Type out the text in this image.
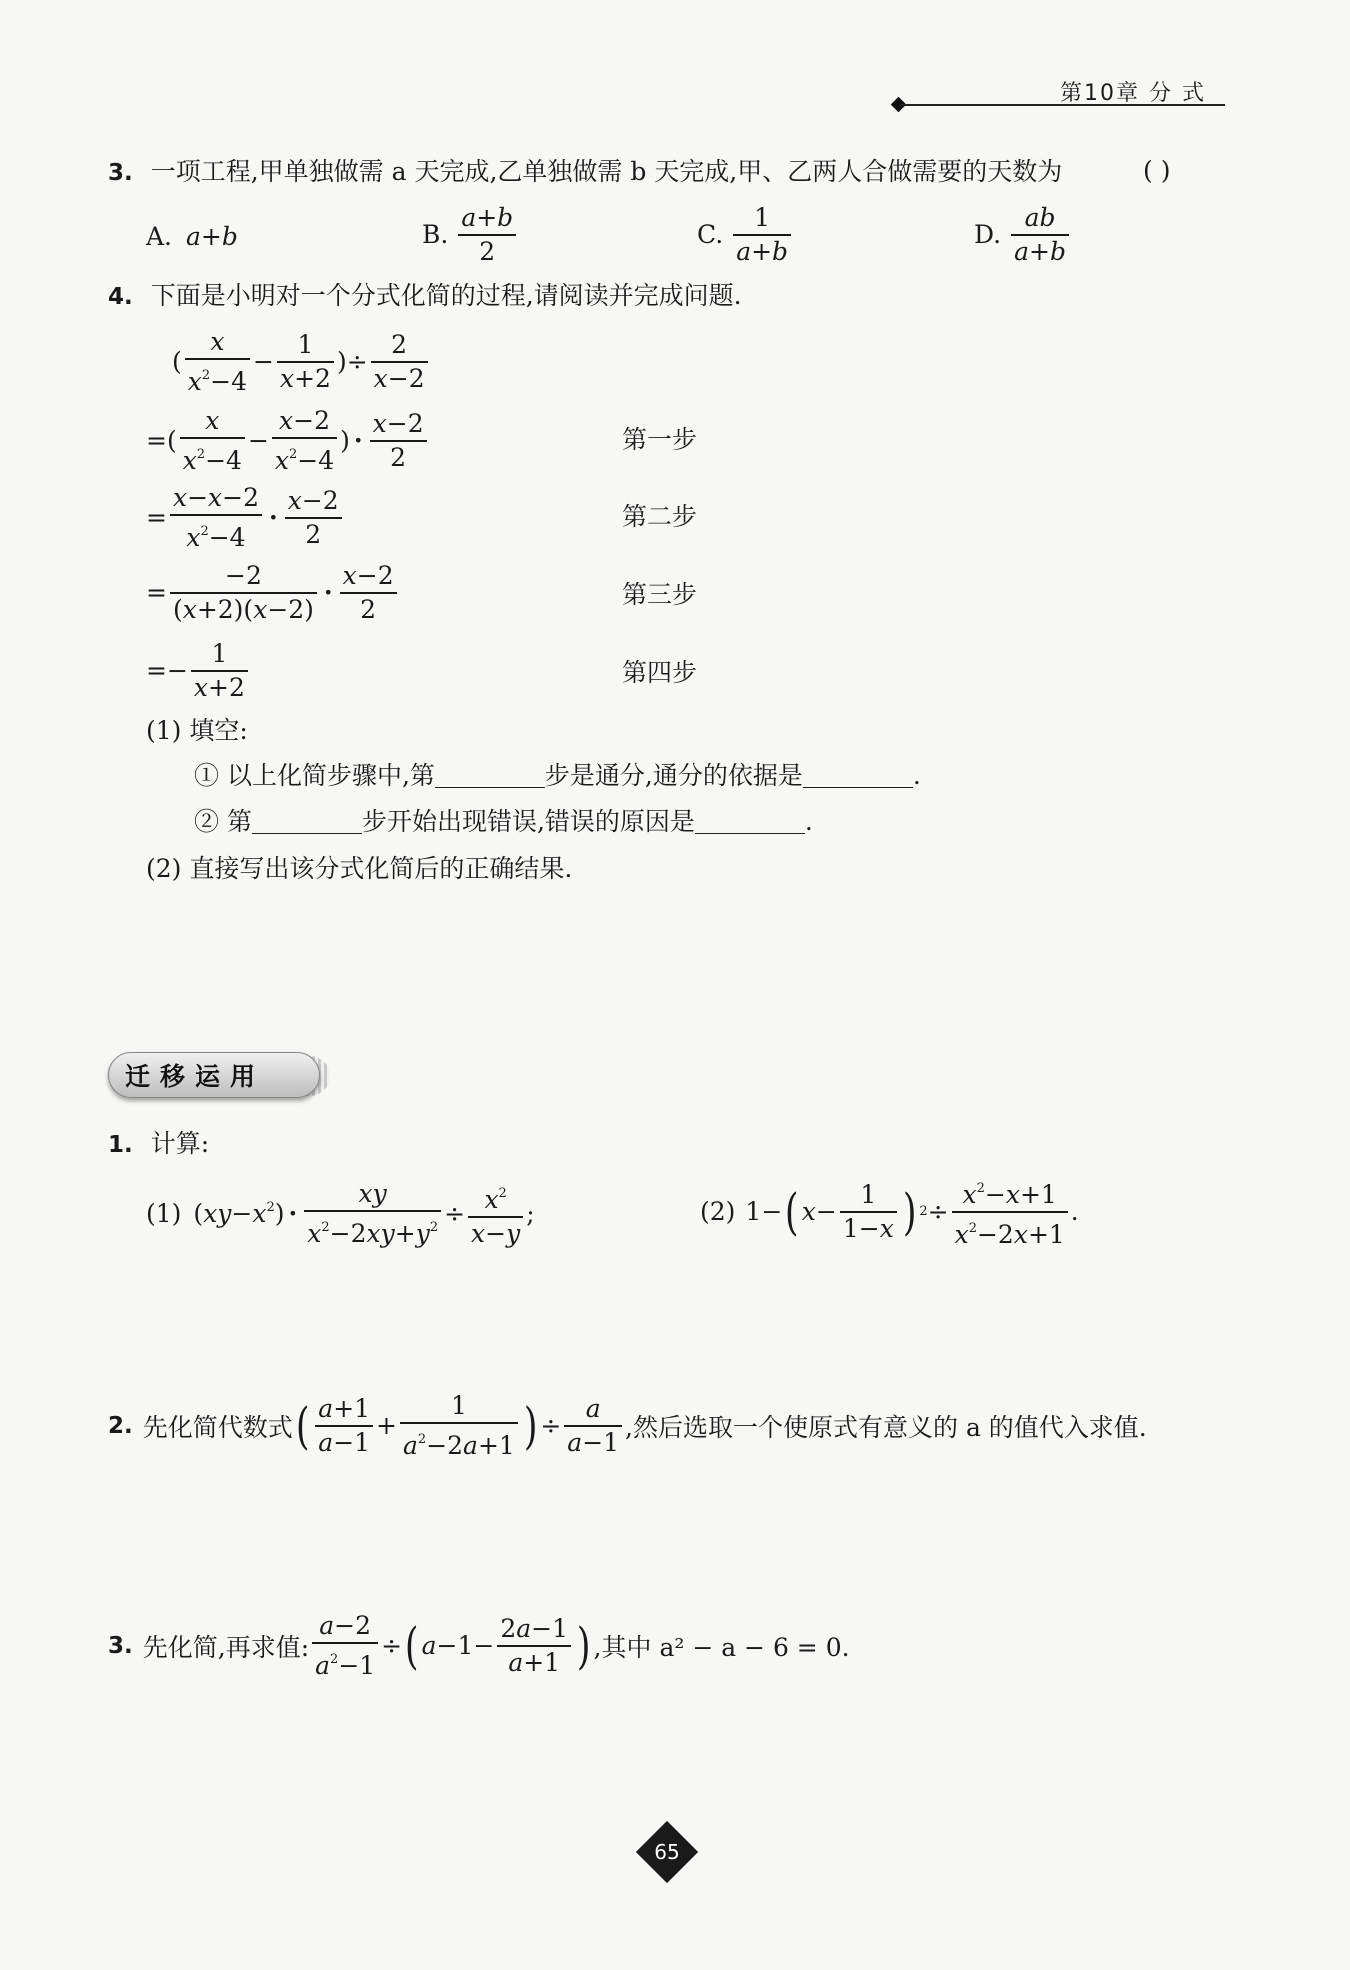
第10章 分 式
3. 一项工程,甲单独做需 a 天完成,乙单独做需 b 天完成,甲、乙两人合做需要的天数为	( )
A. a+b	B. $\frac{a+b}{2}$	C. $\frac{1}{a+b}$	D. $\frac{ab}{a+b}$
4. 下面是小明对一个分式化简的过程,请阅读并完成问题.
( $\frac{x}{x^2-4} - \frac{1}{x+2}$ )÷ $\frac{2}{x-2}$
=( $\frac{x}{x^2-4} - \frac{x-2}{x^2-4}$ ) · $\frac{x-2}{2}$	第一步
= $\frac{x-x-2}{x^2-4} \cdot \frac{x-2}{2}$	第二步
= $\frac{-2}{(x+2)(x-2)} \cdot \frac{x-2}{2}$	第三步
=− $\frac{1}{x+2}$	第四步
(1) 填空:
① 以上化简步骤中,第	步是通分,通分的依据是	.
② 第	步开始出现错误,错误的原因是	.
(2) 直接写出该分式化简后的正确结果.
迁移运用
1. 计算:
(1) $(xy-x^2) \cdot \frac{xy}{x^2-2xy+y^2} \div \frac{x^2}{x-y}$ ;	(2) 1− ( $x - \frac{1}{1-x}$ ) $2 \div \frac{x^2-x+1}{x^2-2x+1}$ .
2. 先化简代数式 ( $\frac{a+1}{a-1} + \frac{1}{a^2-2a+1}$ ) ÷ $\frac{a}{a-1}$ ,然后选取一个使原式有意义的 a 的值代入求值.
3. 先化简,再求值: $\frac{a-2}{a^2-1}$ ÷ ( $a -1- \frac{2a-1}{a+1}$ ) ,其中 a² − a − 6 = 0.
65
